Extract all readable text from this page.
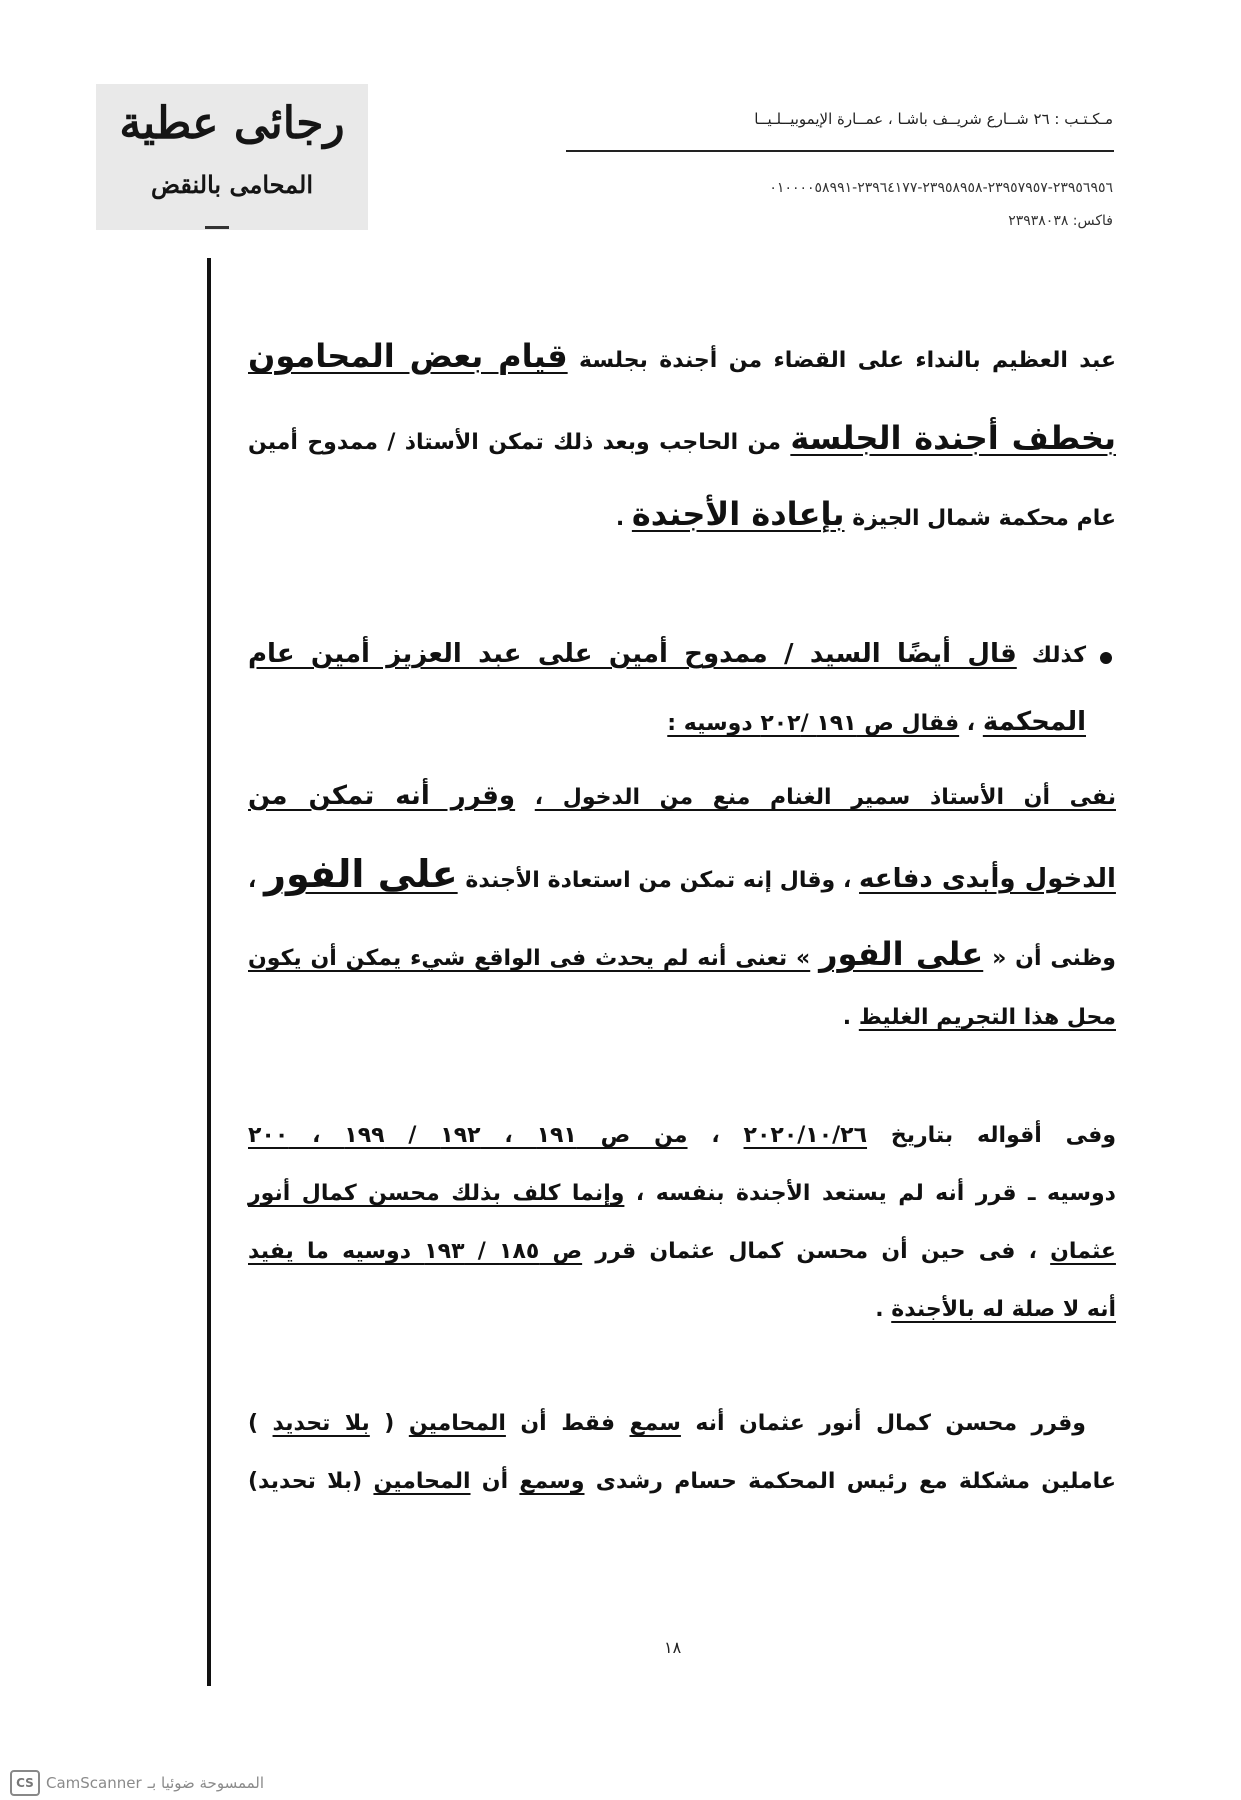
رجائى عطية
المحامى بالنقض
مـكـتـب : ٢٦ شــارع شريــف باشـا ، عمــارة الإيموبيــلـيــا
٢٣٩٥٦٩٥٦-٢٣٩٥٧٩٥٧-٢٣٩٥٨٩٥٨-٢٣٩٦٤١٧٧-٠١٠٠٠٠٥٨٩٩١
فاكس: ٢٣٩٣٨٠٣٨
عبد العظيم بالنداء على القضاء من أجندة بجلسة قيام بعض المحامون
بخطف أجندة الجلسة من الحاجب وبعد ذلك تمكن الأستاذ / ممدوح أمين
عام محكمة شمال الجيزة بإعادة الأجندة .
كذلك قال أيضًا السيد / ممدوح أمين على عبد العزيز أمين عام
المحكمة ، فقال ص ١٩١ /٢٠٢ دوسيه :
نفى أن الأستاذ سمير الغنام منع من الدخول ، وقرر أنه تمكن من
الدخول وأبدى دفاعه ، وقال إنه تمكن من استعادة الأجندة على الفور ،
وظنى أن « على الفور » تعنى أنه لم يحدث فى الواقع شيء يمكن أن يكون
محل هذا التجريم الغليظ .
وفى أقواله بتاريخ ٢٠٢٠/١٠/٢٦ ، من ص ١٩١ ، ١٩٢ / ١٩٩ ، ٢٠٠
دوسيه ـ قرر أنه لم يستعد الأجندة بنفسه ، وإنما كلف بذلك محسن كمال أنور
عثمان ، فى حين أن محسن كمال عثمان قرر ص ١٨٥ / ١٩٣ دوسيه ما يفيد
أنه لا صلة له بالأجندة .
وقرر محسن كمال أنور عثمان أنه سمع فقط أن المحامين ( بلا تحديد )
عاملين مشكلة مع رئيس المحكمة حسام رشدى وسمع أن المحامين (بلا تحديد)
١٨
CS CamScanner الممسوحة ضوئيا بـ
